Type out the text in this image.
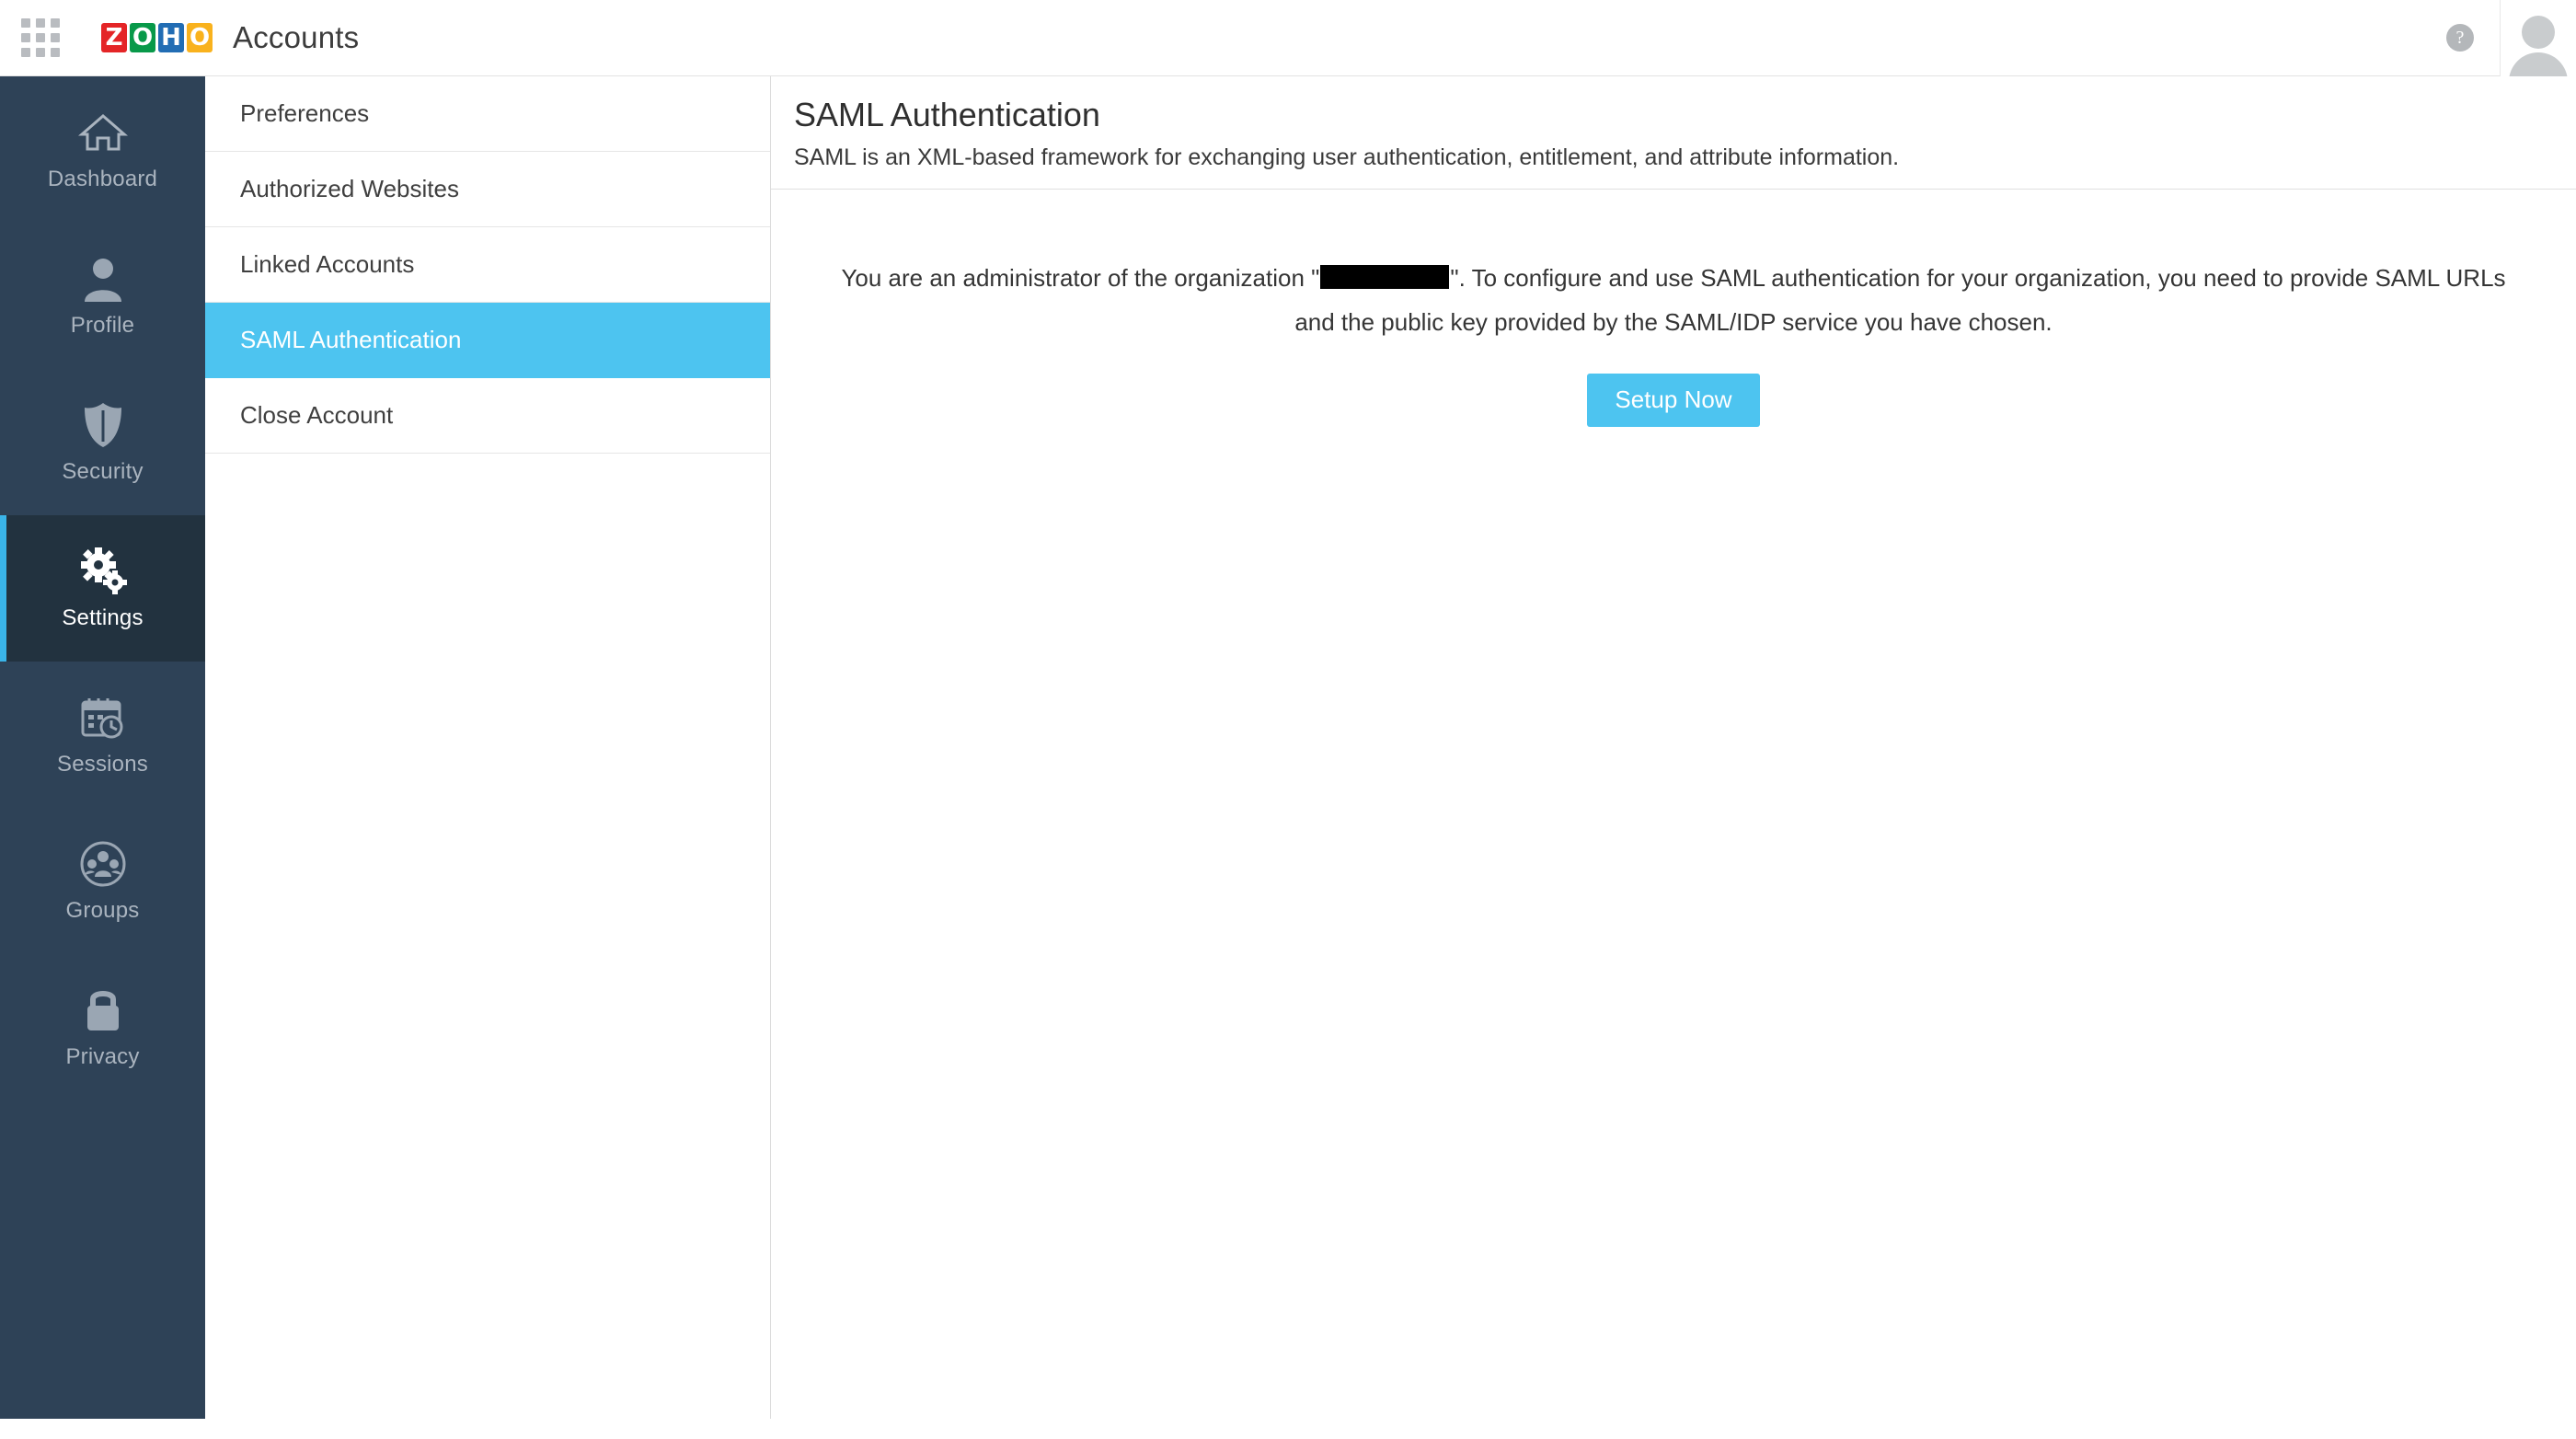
Z O H O Accounts	?
Dashboard
Profile
Security
Settings
Sessions
Groups
Privacy
Preferences
Authorized Websites
Linked Accounts
SAML Authentication
Close Account
SAML Authentication
SAML is an XML-based framework for exchanging user authentication, entitlement, and attribute information.
You are an administrator of the organization "	". To configure and use SAML authentication for your organization, you need to provide SAML URLs and the public key provided by the SAML/IDP service you have chosen.
Setup Now
